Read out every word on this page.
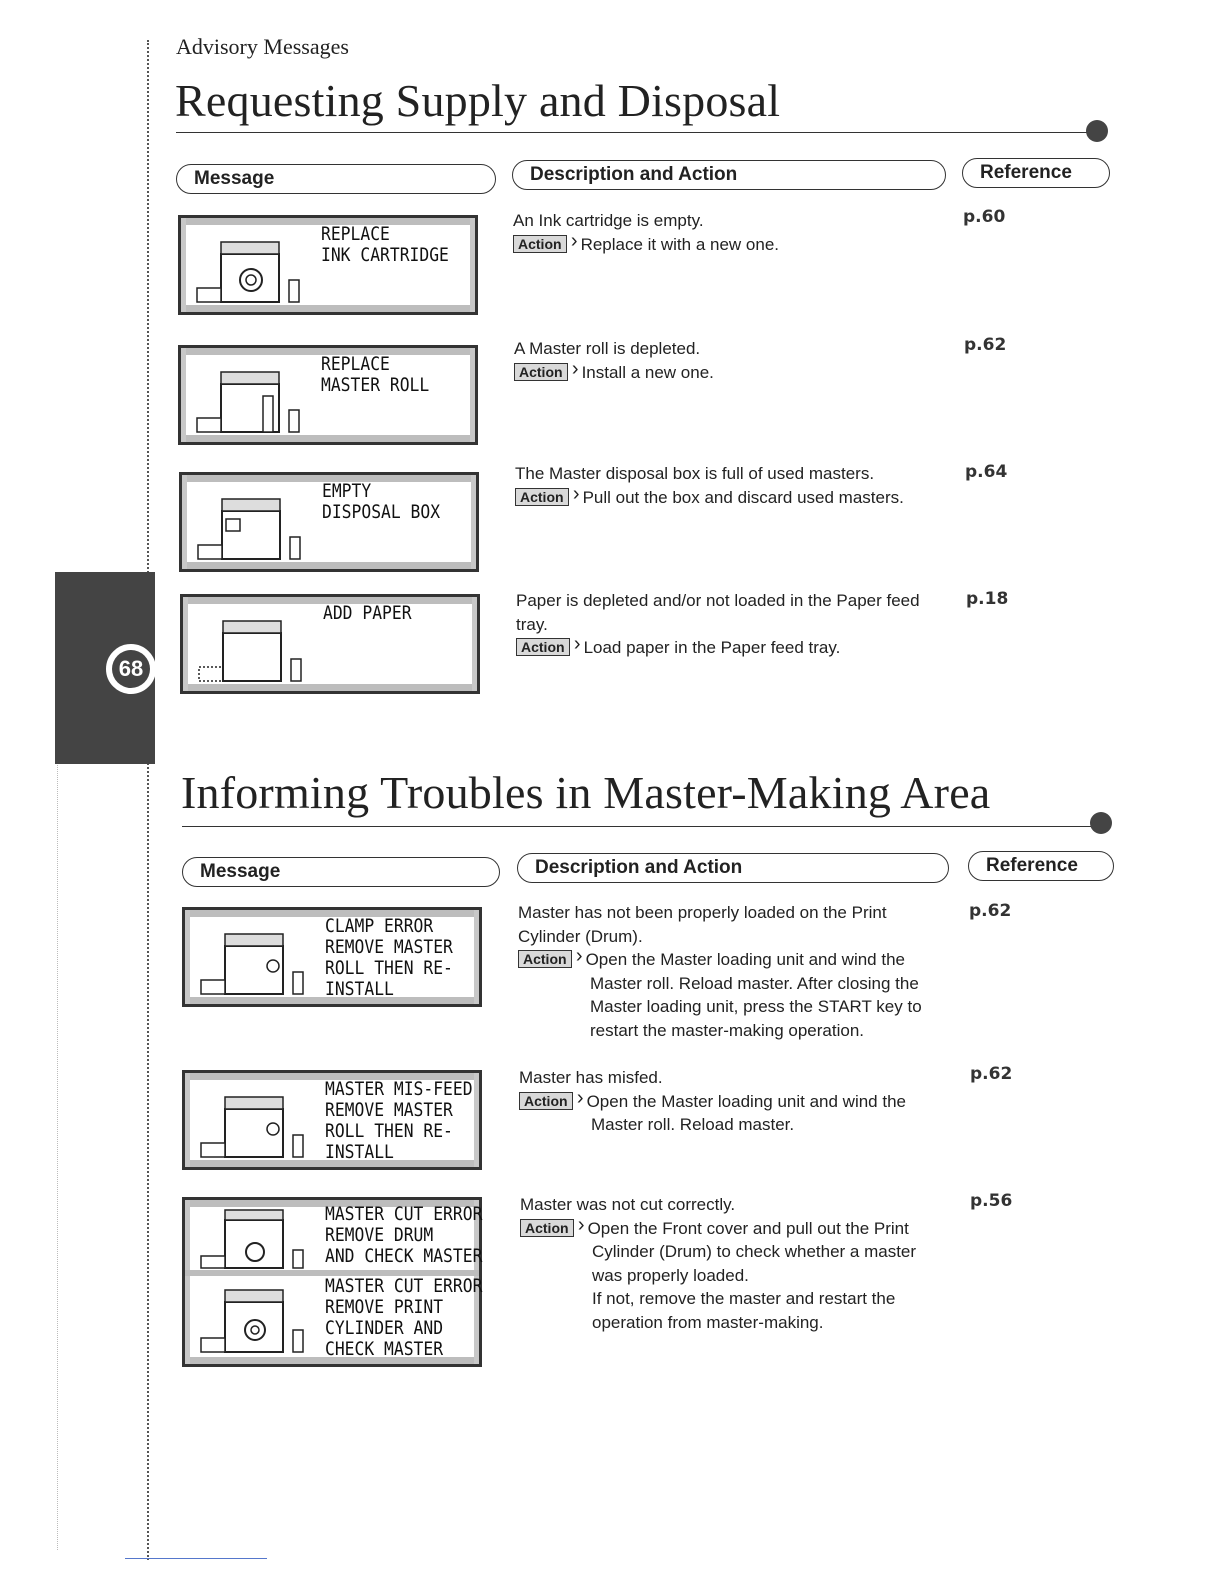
Advisory Messages
68
Requesting Supply and Disposal
Message	Description and Action	Reference
REPLACE
INK CARTRIDGE
An Ink cartridge is empty.
Action › Replace it with a new one.
p.60
REPLACE
MASTER ROLL
A Master roll is depleted.
Action › Install a new one.
p.62
EMPTY
DISPOSAL BOX
The Master disposal box is full of used masters.
Action › Pull out the box and discard used masters.
p.64
ADD PAPER
Paper is depleted and/or not loaded in the Paper feed
tray.
Action › Load paper in the Paper feed tray.
p.18
Informing Troubles in Master-Making Area
Message	Description and Action	Reference
CLAMP ERROR
REMOVE MASTER
ROLL THEN RE-
INSTALL
Master has not been properly loaded on the Print
Cylinder (Drum).
Action › Open the Master loading unit and wind the
Master roll. Reload master. After closing the
Master loading unit, press the START key to
restart the master-making operation.
p.62
MASTER MIS-FEED
REMOVE MASTER
ROLL THEN RE-
INSTALL
Master has misfed.
Action › Open the Master loading unit and wind the
Master roll. Reload master.
p.62
MASTER CUT ERROR
REMOVE DRUM
AND CHECK MASTER
MASTER CUT ERROR
REMOVE PRINT
CYLINDER AND
CHECK MASTER
Master was not cut correctly.
Action › Open the Front cover and pull out the Print
Cylinder (Drum) to check whether a master
was properly loaded.
If not, remove the master and restart the
operation from master-making.
p.56
